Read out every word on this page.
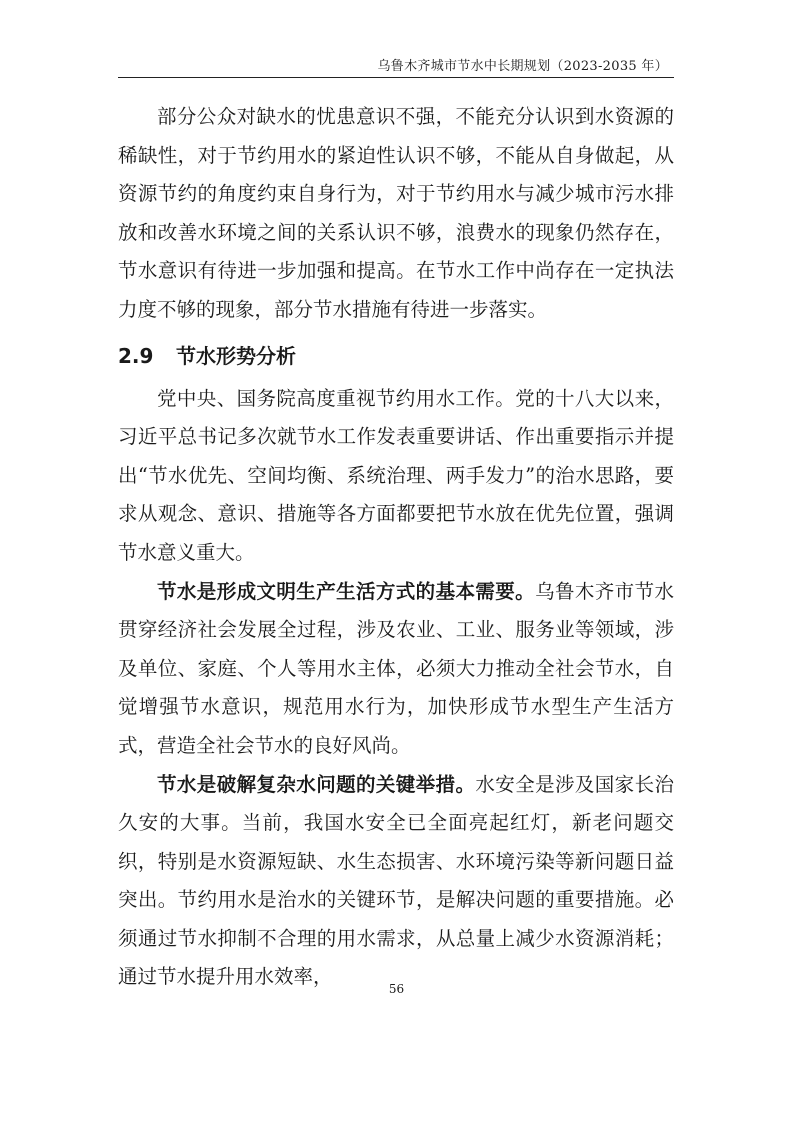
乌鲁木齐城市节水中长期规划（2023-2035 年）

部分公众对缺水的忧患意识不强，不能充分认识到水资源的稀缺性，对于节约用水的紧迫性认识不够，不能从自身做起，从资源节约的角度约束自身行为，对于节约用水与减少城市污水排放和改善水环境之间的关系认识不够，浪费水的现象仍然存在，节水意识有待进一步加强和提高。在节水工作中尚存在一定执法力度不够的现象，部分节水措施有待进一步落实。

2.9 节水形势分析

党中央、国务院高度重视节约用水工作。党的十八大以来，习近平总书记多次就节水工作发表重要讲话、作出重要指示并提出“节水优先、空间均衡、系统治理、两手发力”的治水思路，要求从观念、意识、措施等各方面都要把节水放在优先位置，强调节水意义重大。

节水是形成文明生产生活方式的基本需要。乌鲁木齐市节水贯穿经济社会发展全过程，涉及农业、工业、服务业等领域，涉及单位、家庭、个人等用水主体，必须大力推动全社会节水，自觉增强节水意识，规范用水行为，加快形成节水型生产生活方式，营造全社会节水的良好风尚。

节水是破解复杂水问题的关键举措。水安全是涉及国家长治久安的大事。当前，我国水安全已全面亮起红灯，新老问题交织，特别是水资源短缺、水生态损害、水环境污染等新问题日益突出。节约用水是治水的关键环节，是解决问题的重要措施。必须通过节水抑制不合理的用水需求，从总量上减少水资源消耗；通过节水提升用水效率，

56
